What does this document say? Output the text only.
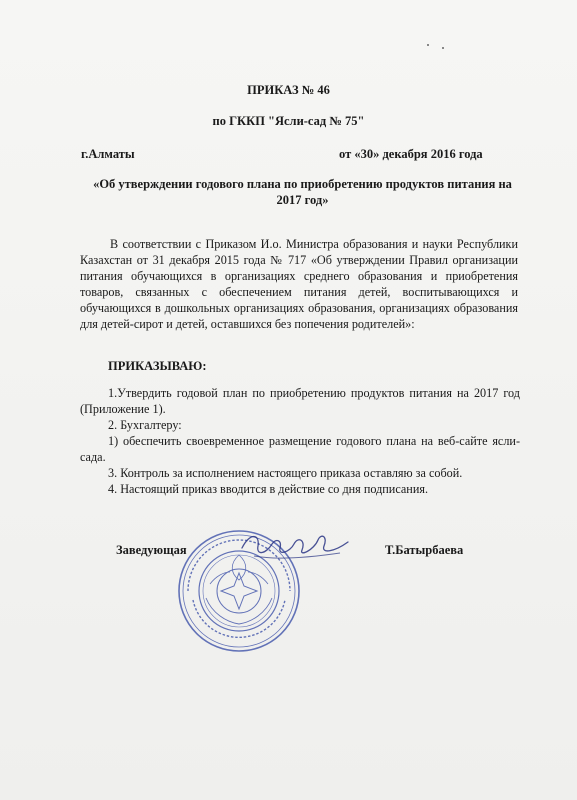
ПРИКАЗ № 46
по ГККП "Ясли-сад № 75"
г.Алматы	от «30» декабря 2016 года
«Об утверждении годового плана по приобретению продуктов питания на 2017 год»

В соответствии с Приказом И.о. Министра образования и науки Республики Казахстан от 31 декабря 2015 года № 717 «Об утверждении Правил организации питания обучающихся в организациях среднего образования и приобретения товаров, связанных с обеспечением питания детей, воспитывающихся и обучающихся в дошкольных организациях образования, организациях образования для детей-сирот и детей, оставшихся без попечения родителей»:

ПРИКАЗЫВАЮ:
1.Утвердить годовой план по приобретению продуктов питания на 2017 год (Приложение 1).
2. Бухгалтеру:
1) обеспечить своевременное размещение годового плана на веб-сайте ясли-сада.
3. Контроль за исполнением настоящего приказа оставляю за собой.
4. Настоящий приказ вводится в действие со дня подписания.
Заведующая	Т.Батырбаева
